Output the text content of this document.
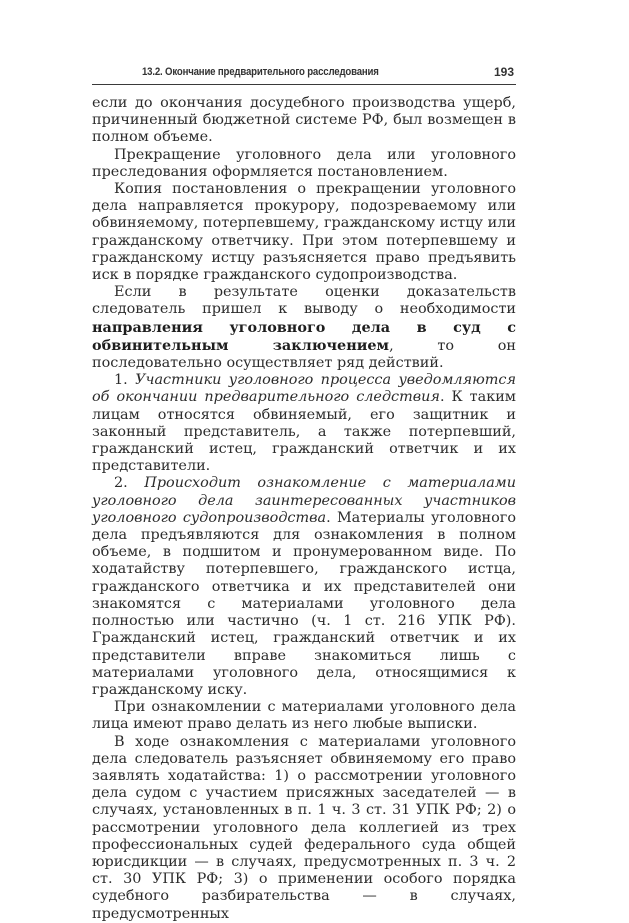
13.2. Окончание предварительного расследования	193

если до окончания досудебного производства ущерб, причиненный бюджетной системе РФ, был возмещен в полном объеме.

Прекращение уголовного дела или уголовного преследования оформляется постановлением.

Копия постановления о прекращении уголовного дела направляется прокурору, подозреваемому или обвиняемому, потерпевшему, гражданскому истцу или гражданскому ответчику. При этом потерпевшему и гражданскому истцу разъясняется право предъявить иск в порядке гражданского судопроизводства.

Если в результате оценки доказательств следователь пришел к выводу о необходимости направления уголовного дела в суд с обвинительным заключением, то он последовательно осуществляет ряд действий.

1. Участники уголовного процесса уведомляются об окончании предварительного следствия. К таким лицам относятся обвиняемый, его защитник и законный представитель, а также потерпевший, гражданский истец, гражданский ответчик и их представители.

2. Происходит ознакомление с материалами уголовного дела заинтересованных участников уголовного судопроизводства. Материалы уголовного дела предъявляются для ознакомления в полном объеме, в подшитом и пронумерованном виде. По ходатайству потерпевшего, гражданского истца, гражданского ответчика и их представителей они знакомятся с материалами уголовного дела полностью или частично (ч. 1 ст. 216 УПК РФ). Гражданский истец, гражданский ответчик и их представители вправе знакомиться лишь с материалами уголовного дела, относящимися к гражданскому иску.

При ознакомлении с материалами уголовного дела лица имеют право делать из него любые выписки.

В ходе ознакомления с материалами уголовного дела следователь разъясняет обвиняемому его право заявлять ходатайства: 1) о рассмотрении уголовного дела судом с участием присяжных заседателей — в случаях, установленных в п. 1 ч. 3 ст. 31 УПК РФ; 2) о рассмотрении уголовного дела коллегией из трех профессиональных судей федерального суда общей юрисдикции — в случаях, предусмотренных п. 3 ч. 2 ст. 30 УПК РФ; 3) о применении особого порядка судебного разбирательства — в случаях, предусмотренных
